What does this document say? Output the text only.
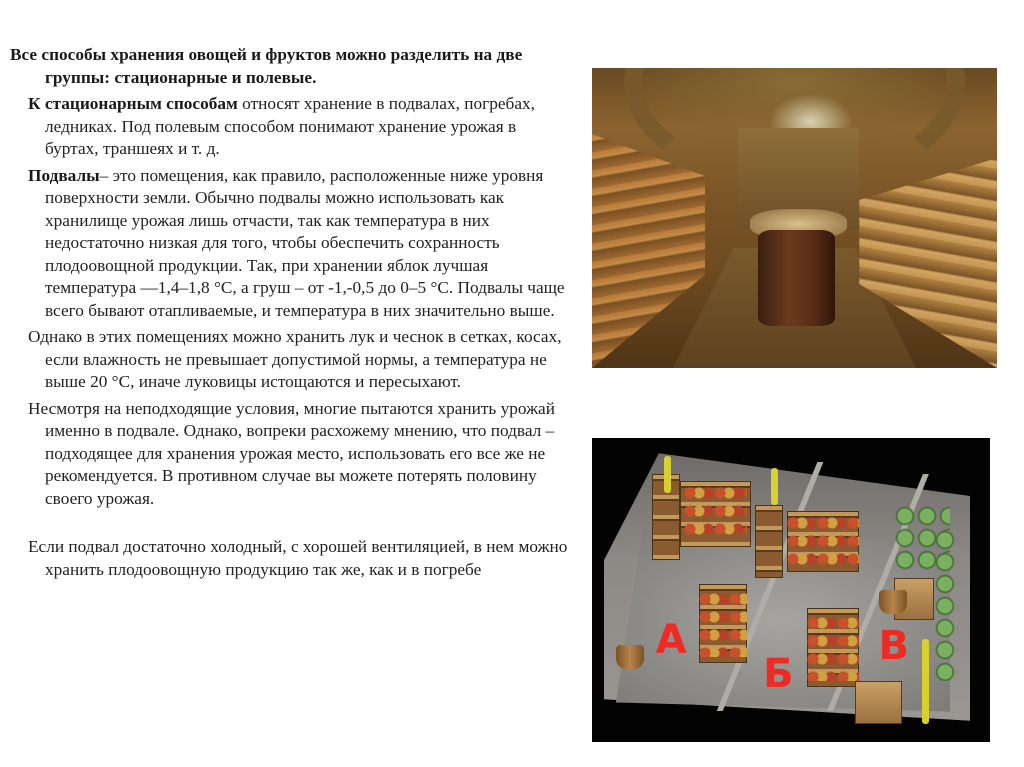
Все способы хранения овощей и фруктов можно разделить на две группы: стационарные и полевые.

К стационарным способам относят хранение в подвалах, погребах, ледниках. Под полевым способом понимают хранение урожая в буртах, траншеях и т. д.

Подвалы– это помещения, как правило, расположенные ниже уровня поверхности земли. Обычно подвалы можно использовать как хранилище урожая лишь отчасти, так как температура в них недостаточно низкая для того, чтобы обеспечить сохранность плодоовощной продукции. Так, при хранении яблок лучшая температура —1,4–1,8 °С, а груш – от -1,-0,5 до 0–5 °С. Подвалы чаще всего бывают отапливаемые, и температура в них значительно выше.

Однако в этих помещениях можно хранить лук и чеснок в сетках, косах, если влажность не превышает допустимой нормы, а температура не выше 20 °С, иначе луковицы истощаются и пересыхают.

Несмотря на неподходящие условия, многие пытаются хранить урожай именно в подвале. Однако, вопреки расхожему мнению, что подвал – подходящее для хранения урожая место, использовать его все же не рекомендуется. В противном случае вы можете потерять половину своего урожая.

Если подвал достаточно холодный, с хорошей вентиляцией, в нем можно хранить плодоовощную продукцию так же, как и в погребе

А
Б
В
